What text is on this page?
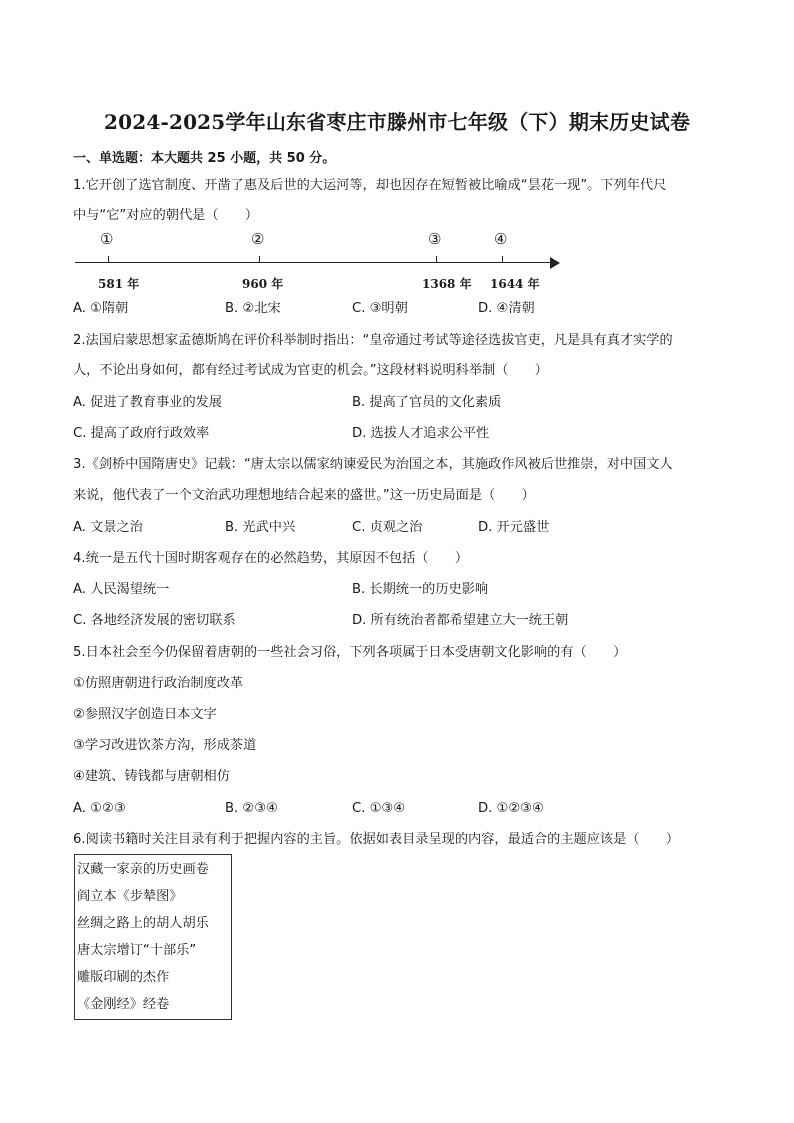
2024-2025学年山东省枣庄市滕州市七年级（下）期末历史试卷
一、单选题：本大题共 25 小题，共 50 分。
1.它开创了选官制度、开凿了惠及后世的大运河等，却也因存在短暂被比喻成“昙花一现”。下列年代尺
中与“它”对应的朝代是（　　）
①	②	③	④
581 年	960 年	1368 年 1644 年
A. ①隋朝	B. ②北宋	C. ③明朝	D. ④清朝
2.法国启蒙思想家孟德斯鸠在评价科举制时指出：“皇帝通过考试等途径选拔官吏，凡是具有真才实学的
人，不论出身如何，都有经过考试成为官吏的机会。”这段材料说明科举制（　　）
A. 促进了教育事业的发展	B. 提高了官员的文化素质
C. 提高了政府行政效率	D. 选拔人才追求公平性
3.《剑桥中国隋唐史》记载：“唐太宗以儒家纳谏爱民为治国之本，其施政作风被后世推崇，对中国文人
来说，他代表了一个文治武功理想地结合起来的盛世。”这一历史局面是（　　）
A. 文景之治	B. 光武中兴	C. 贞观之治	D. 开元盛世
4.统一是五代十国时期客观存在的必然趋势，其原因不包括（　　）
A. 人民渴望统一	B. 长期统一的历史影响
C. 各地经济发展的密切联系	D. 所有统治者都希望建立大一统王朝
5.日本社会至今仍保留着唐朝的一些社会习俗，下列各项属于日本受唐朝文化影响的有（　　）
①仿照唐朝进行政治制度改革
②参照汉字创造日本文字
③学习改进饮茶方沟，形成茶道
④建筑、铸钱都与唐朝相仿
A. ①②③	B. ②③④	C. ①③④	D. ①②③④
6.阅读书籍时关注目录有利于把握内容的主旨。依据如表目录呈现的内容，最适合的主题应该是（　　）
汉藏一家亲的历史画卷
阎立本《步辇图》
丝绸之路上的胡人胡乐
唐太宗增订“十部乐”
雕版印刷的杰作
《金刚经》经卷
